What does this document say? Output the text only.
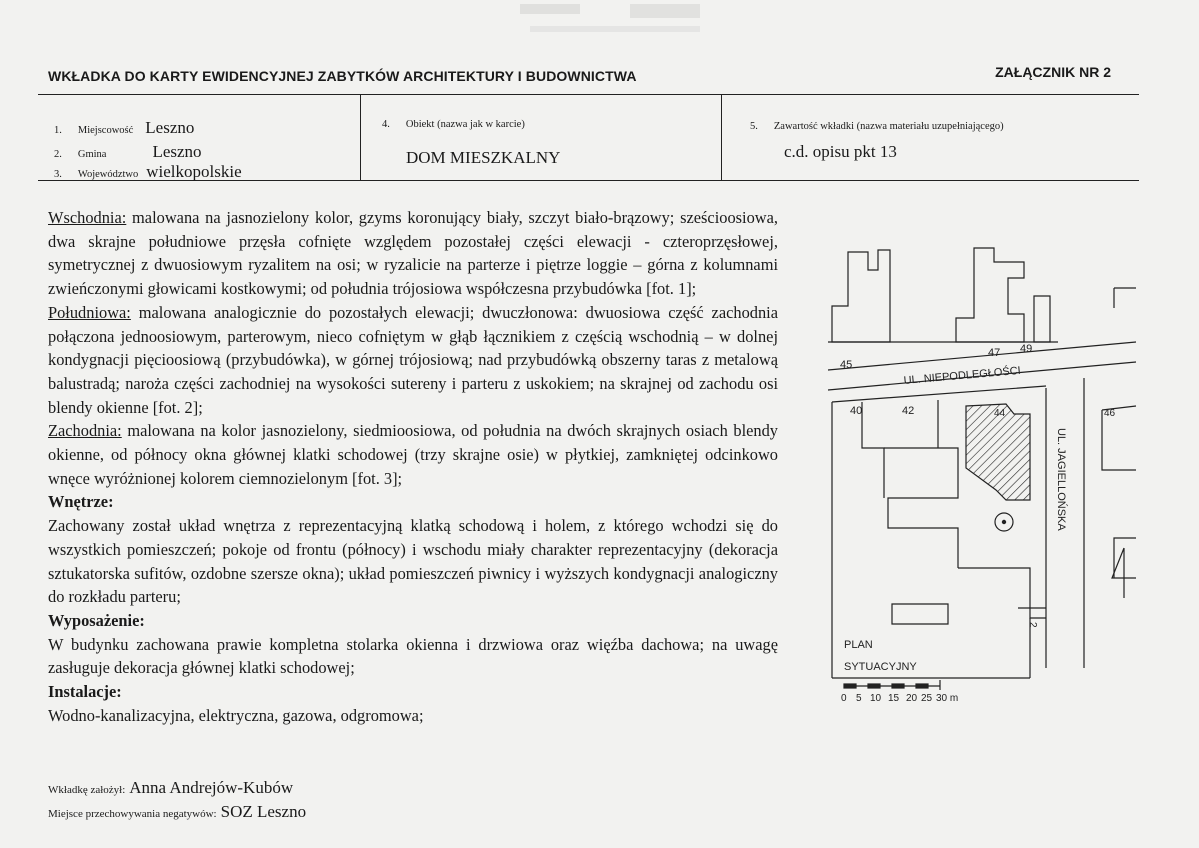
WKŁADKA DO KARTY EWIDENCYJNEJ ZABYTKÓW ARCHITEKTURY I BUDOWNICTWA	ZAŁĄCZNIK NR 2
1. Miejscowość Leszno
2. Gmina	Leszno
3. Województwo wielkopolskie
4. Obiekt (nazwa jak w karcie)
DOM MIESZKALNY
5. Zawartość wkładki (nazwa materiału uzupełniającego)
c.d. opisu pkt 13

Wschodnia: malowana na jasnozielony kolor, gzyms koronujący biały, szczyt biało-brązowy; sześcioosiowa, dwa skrajne południowe przęsła cofnięte względem pozostałej części elewacji - czteroprzęsłowej, symetrycznej z dwuosiowym ryzalitem na osi; w ryzalicie na parterze i piętrze loggie – górna z kolumnami zwieńczonymi głowicami kostkowymi; od południa trójosiowa współczesna przybudówka [fot. 1];

Południowa: malowana analogicznie do pozostałych elewacji; dwuczłonowa: dwuosiowa część zachodnia połączona jednoosiowym, parterowym, nieco cofniętym w głąb łącznikiem z częścią wschodnią – w dolnej kondygnacji pięcioosiową (przybudówka), w górnej trójosiową; nad przybudówką obszerny taras z metalową balustradą; naroża części zachodniej na wysokości sutereny i parteru z uskokiem; na skrajnej od zachodu osi blendy okienne [fot. 2];

Zachodnia: malowana na kolor jasnozielony, siedmioosiowa, od południa na dwóch skrajnych osiach blendy okienne, od północy okna głównej klatki schodowej (trzy skrajne osie) w płytkiej, zamkniętej odcinkowo wnęce wyróżnionej kolorem ciemnozielonym [fot. 3];

Wnętrze:

Zachowany został układ wnętrza z reprezentacyjną klatką schodową i holem, z którego wchodzi się do wszystkich pomieszczeń; pokoje od frontu (północy) i wschodu miały charakter reprezentacyjny (dekoracja sztukatorska sufitów, ozdobne szersze okna); układ pomieszczeń piwnicy i wyższych kondygnacji analogiczny do rozkładu parteru;

Wyposażenie:

W budynku zachowana prawie kompletna stolarka okienna i drzwiowa oraz więźba dachowa; na uwagę zasługuje dekoracja głównej klatki schodowej;

Instalacje:

Wodno-kanalizacyjna, elektryczna, gazowa, odgromowa;

Wkładkę założył: Anna Andrejów-Kubów
Miejsce przechowywania negatywów: SOZ Leszno
45
47 49
UL. NIEPODLEGŁOŚCI
40	42	44	46
UL. JAGIELLOŃSKA
2
PLAN
SYTUACYJNY
0 5 10 15 20 25 30 m
